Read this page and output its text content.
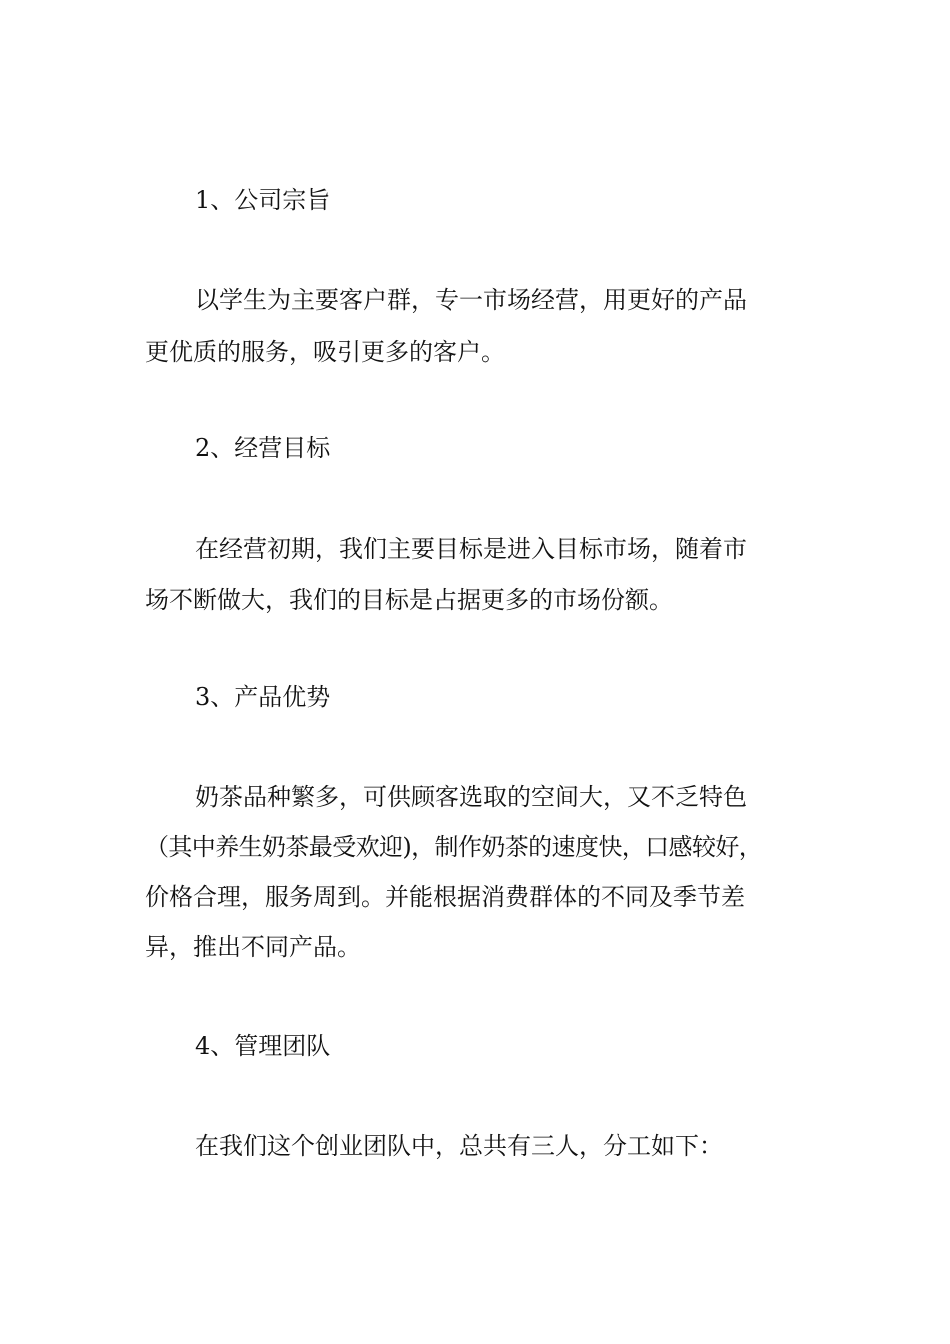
1、公司宗旨
以学生为主要客户群，专一市场经营，用更好的产品
更优质的服务，吸引更多的客户。
2、经营目标
在经营初期，我们主要目标是进入目标市场，随着市
场不断做大，我们的目标是占据更多的市场份额。
3、产品优势
奶茶品种繁多，可供顾客选取的空间大，又不乏特色
（其中养生奶茶最受欢迎)，制作奶茶的速度快，口感较好，
价格合理，服务周到。并能根据消费群体的不同及季节差
异，推出不同产品。
4、管理团队
在我们这个创业团队中，总共有三人，分工如下：
